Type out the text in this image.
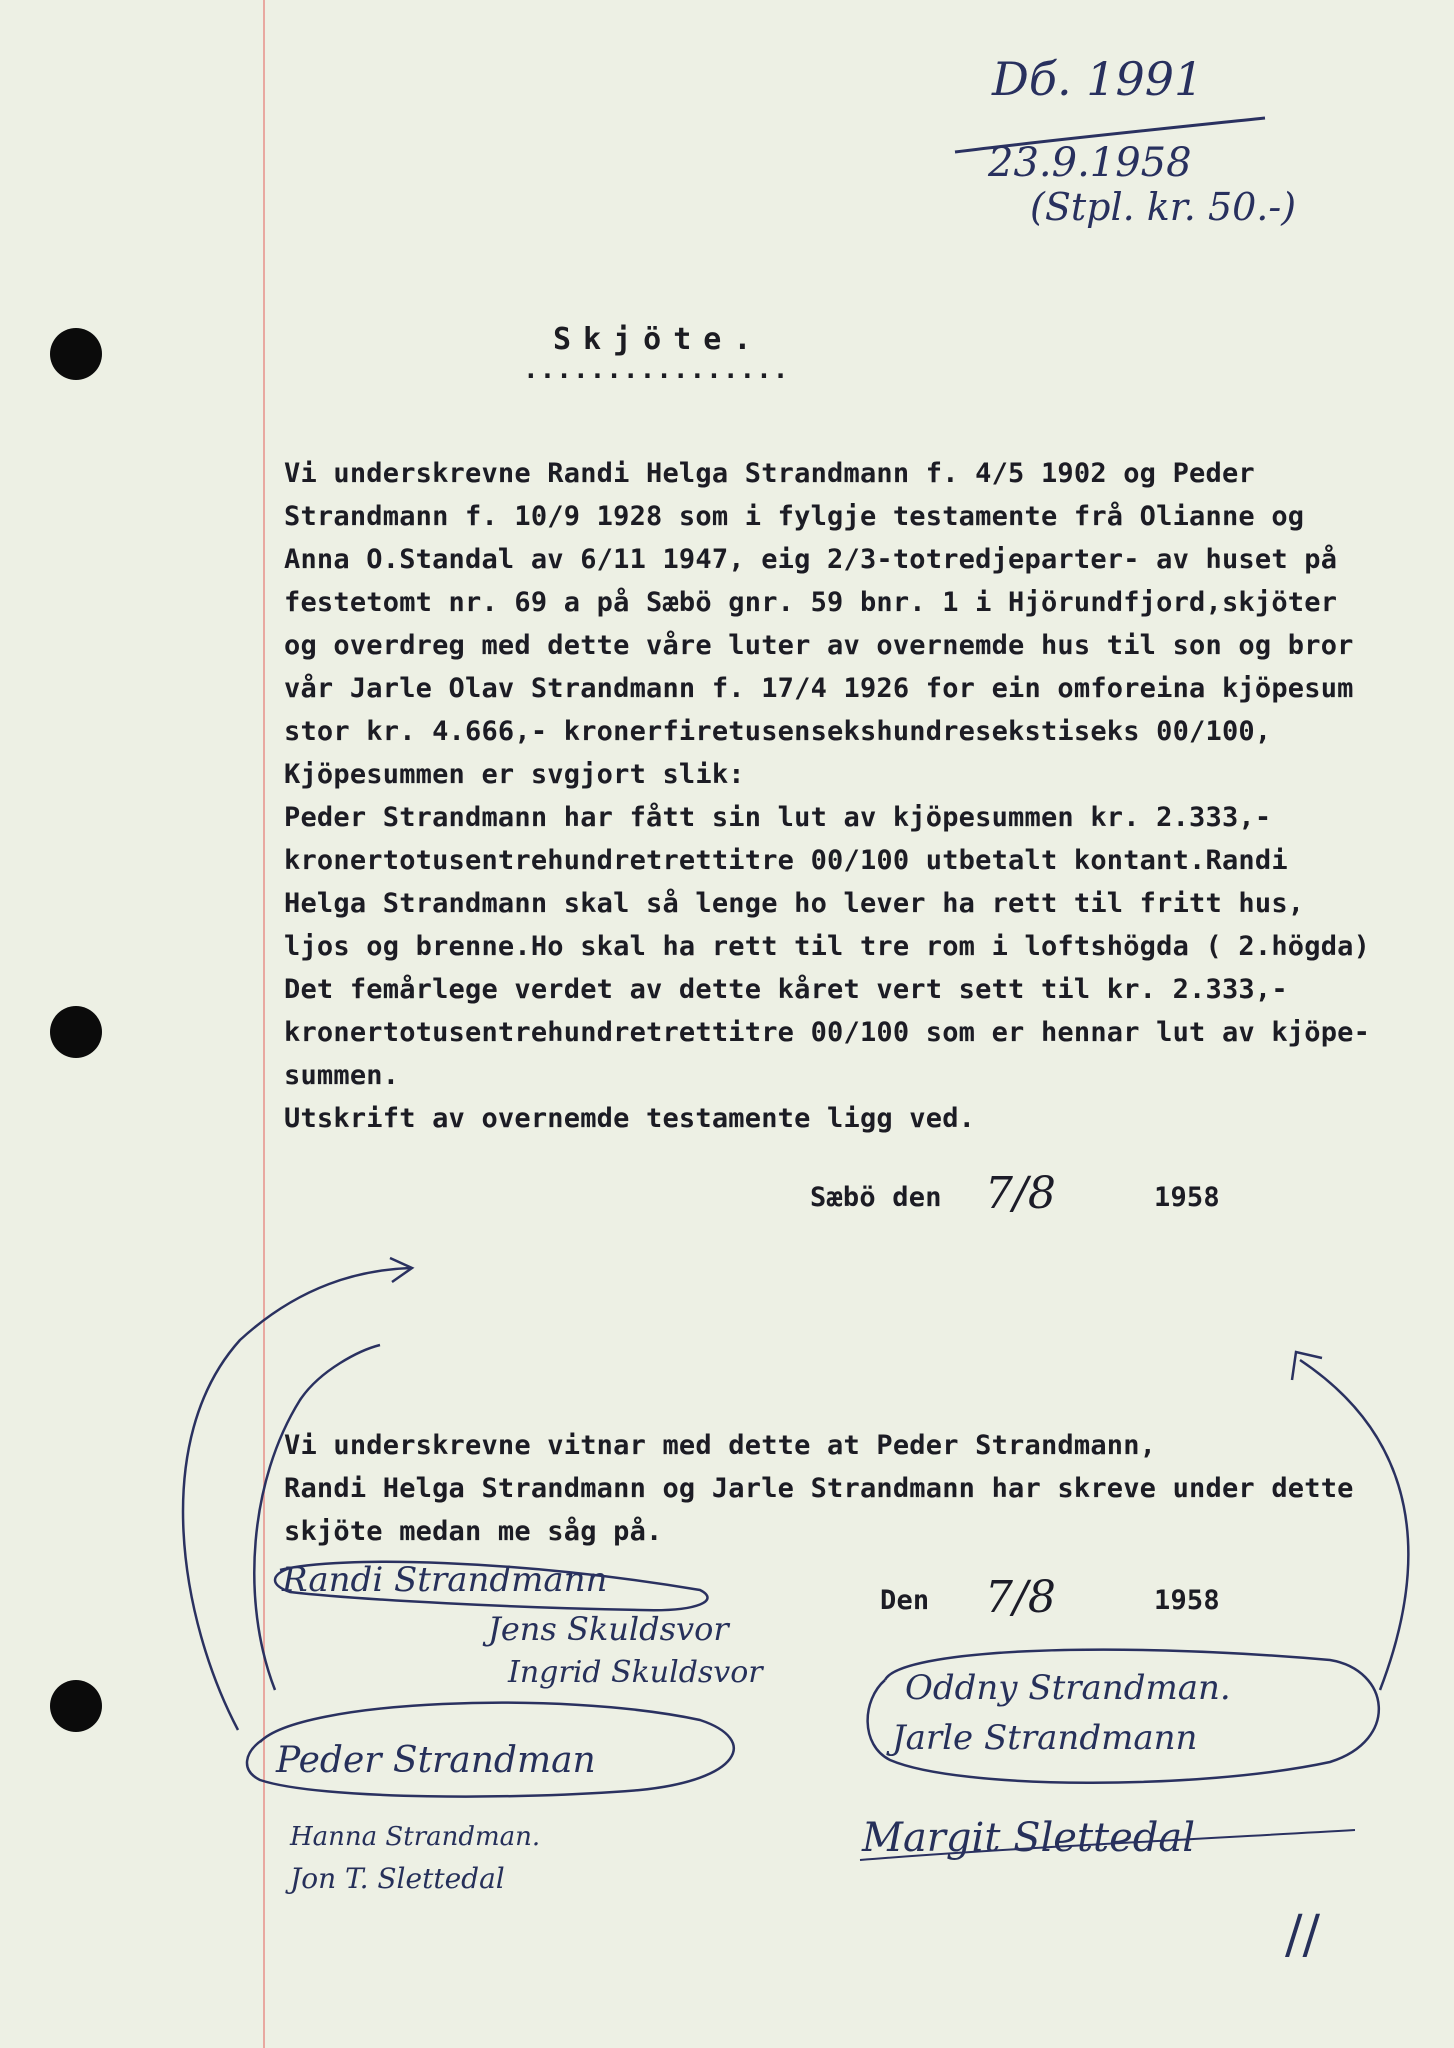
Dб. 1991
23.9.1958
(Stpl. kr. 50.-)
Skjöte.
................
Vi underskrevne Randi Helga Strandmann f. 4/5 1902 og Peder
Strandmann f. 10/9 1928 som i fylgje testamente frå Olianne og
Anna O.Standal av 6/11 1947, eig 2/3-totredjeparter- av huset på
festetomt nr. 69 a på Sæbö gnr. 59 bnr. 1 i Hjörundfjord,skjöter
og overdreg med dette våre luter av overnemde hus til son og bror
vår Jarle Olav Strandmann f. 17/4 1926 for ein omforeina kjöpesum
stor kr. 4.666,- kronerfiretusensekshundresekstiseks 00/100,
Kjöpesummen er svgjort slik:
Peder Strandmann har fått sin lut av kjöpesummen kr. 2.333,-
kronertotusentrehundretrettitre 00/100 utbetalt kontant.Randi
Helga Strandmann skal så lenge ho lever ha rett til fritt hus,
ljos og brenne.Ho skal ha rett til tre rom i loftshögda ( 2.högda)
Det femårlege verdet av dette kåret vert sett til kr. 2.333,-
kronertotusentrehundretrettitre 00/100 som er hennar lut av kjöpe-
summen.
Utskrift av overnemde testamente ligg ved.
Sæbö den 7/8	1958
Vi underskrevne vitnar med dette at Peder Strandmann,
Randi Helga Strandmann og Jarle Strandmann har skreve under dette
skjöte medan me såg på.
Den 7/8	1958
Randi Strandmann
Jens Skuldsvor
Ingrid Skuldsvor
Peder Strandman
Hanna Strandman.
Jon T. Slettedal
Oddny Strandman.
Jarle Strandmann
Margit Slettedal
//
